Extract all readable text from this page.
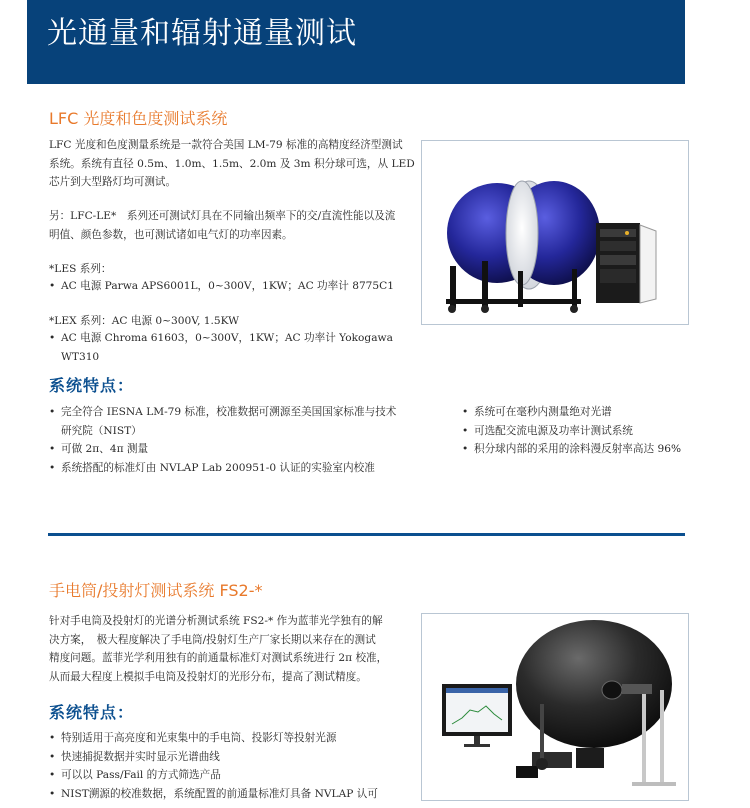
光通量和辐射通量测试
LFC 光度和色度测试系统

LFC 光度和色度测量系统是一款符合美国 LM-79 标准的高精度经济型测试

系统。系统有直径 0.5m、1.0m、1.5m、2.0m 及 3m 积分球可选，从 LED

芯片到大型路灯均可测试。

另：LFC-LE*　系列还可测试灯具在不同输出频率下的交/直流性能以及流

明值、颜色参数，也可测试诸如电气灯的功率因素。

*LES 系列：
• AC 电源 Parwa APS6001L，0~300V，1KW；AC 功率计 8775C1
*LEX 系列：AC 电源 0~300V, 1.5KW
• AC 电源 Chroma 61603，0~300V，1KW；AC 功率计 Yokogawa WT310
系统特点：
• 完全符合 IESNA LM-79 标准，校准数据可溯源至美国国家标准与技术
研究院（NIST）
• 可做 2π、4π 测量
• 系统搭配的标准灯由 NVLAP Lab 200951-0 认证的实验室内校准
• 系统可在毫秒内测量绝对光谱
• 可选配交流电源及功率计测试系统
• 积分球内部的采用的涂料漫反射率高达 96%
手电筒/投射灯测试系统 FS2-*

针对手电筒及投射灯的光谱分析测试系统 FS2-* 作为蓝菲光学独有的解

决方案，　极大程度解决了手电筒/投射灯生产厂家长期以来存在的测试

精度问题。蓝菲光学利用独有的前通量标准灯对测试系统进行 2π 校准，

从而最大程度上模拟手电筒及投射灯的光形分布，提高了测试精度。

系统特点：
• 特别适用于高亮度和光束集中的手电筒、投影灯等投射光源
• 快速捕捉数据并实时显示光谱曲线
• 可以以 Pass/Fail 的方式筛选产品
• NIST溯源的校准数据，系统配置的前通量标准灯具备 NVLAP 认可
